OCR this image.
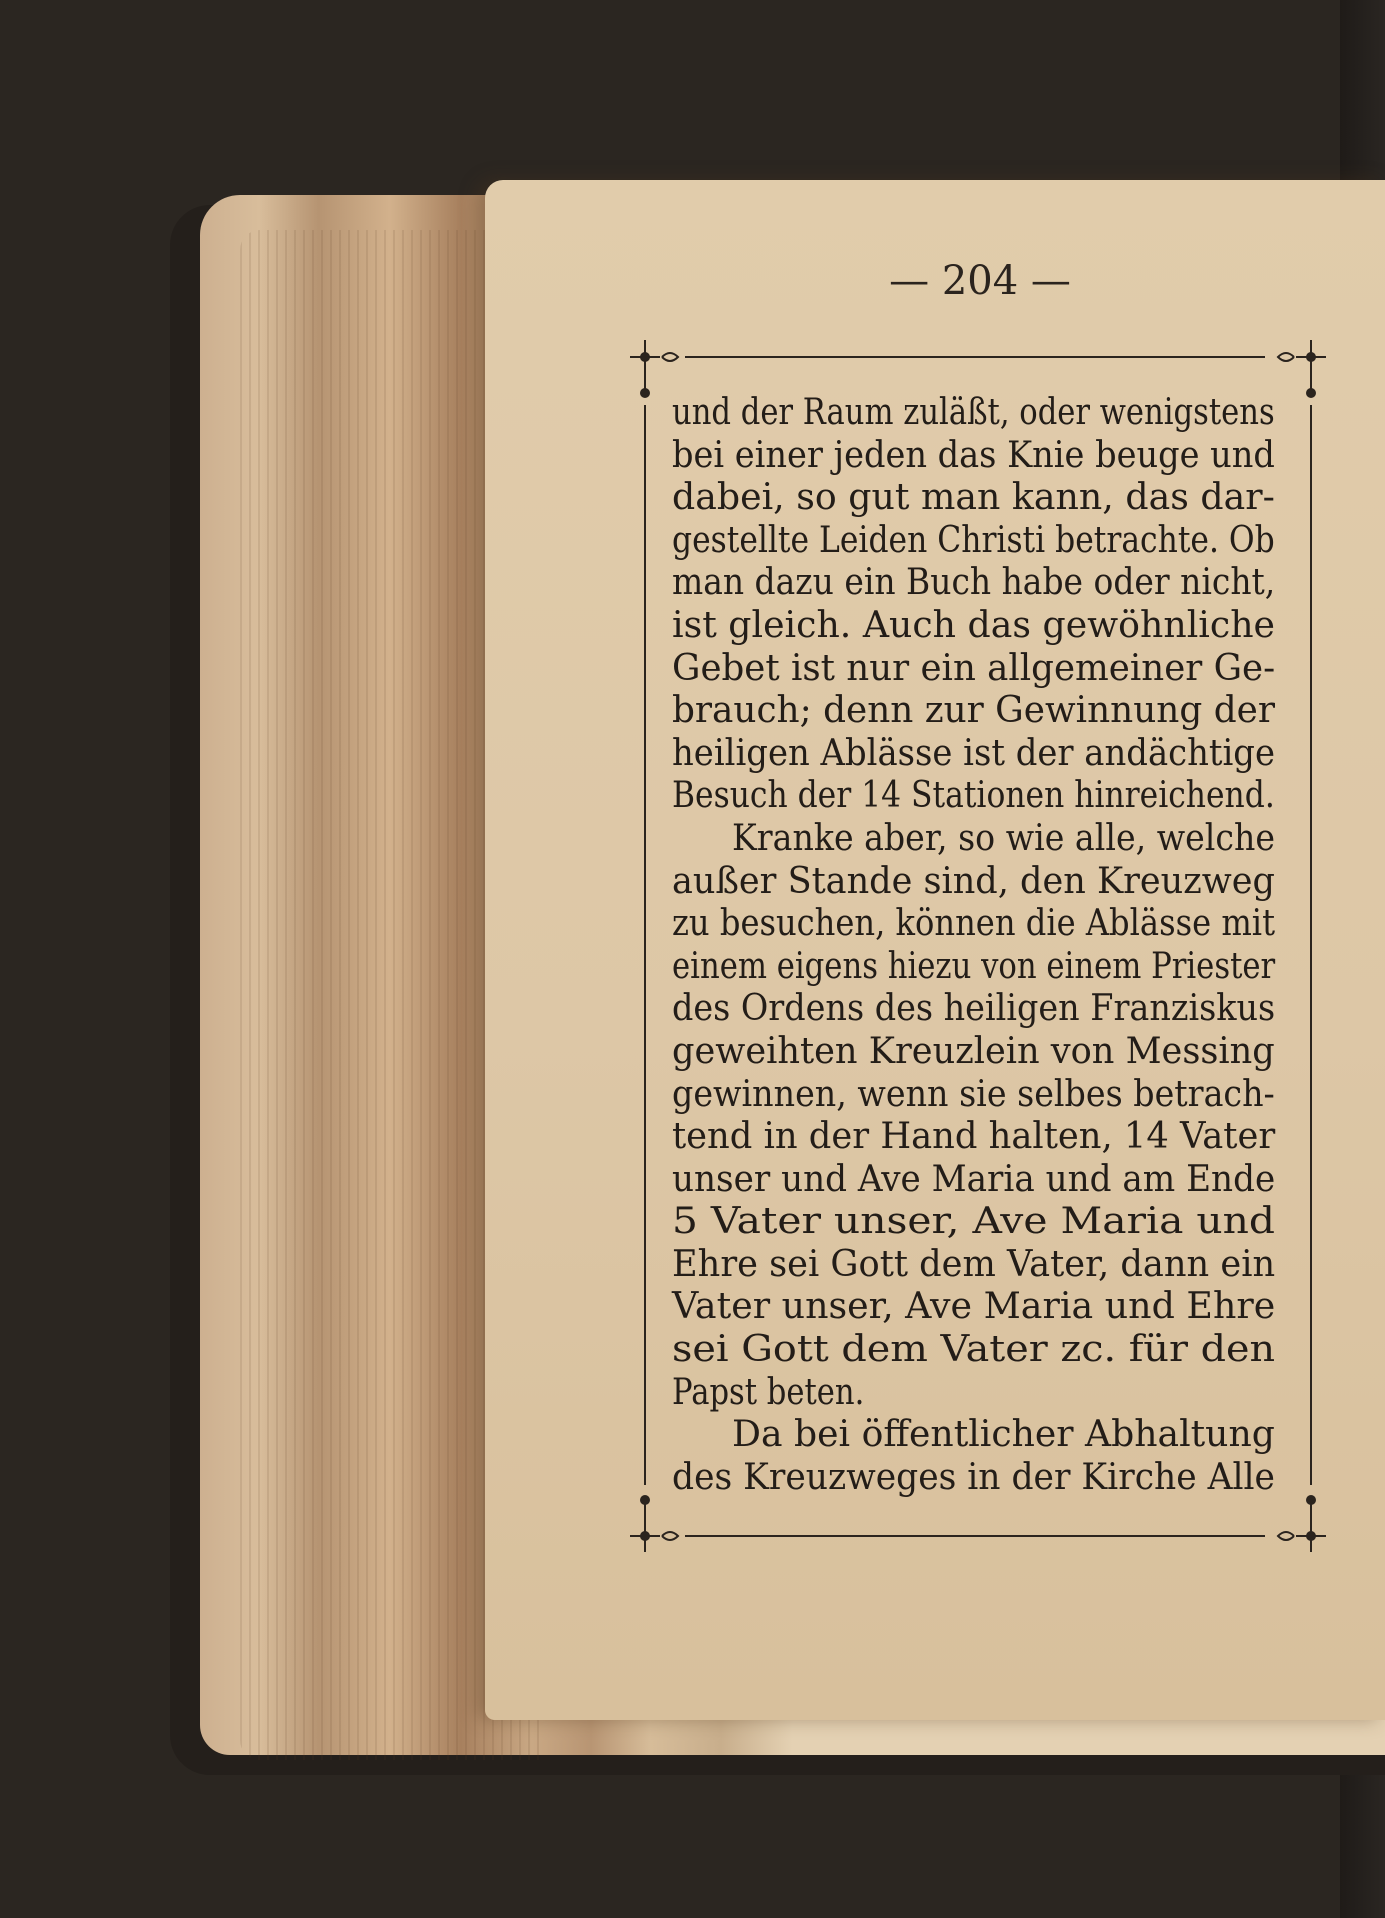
— 204 —
und der Raum zuläßt, oder wenigstens
bei einer jeden das Knie beuge und
dabei, so gut man kann, das dar-
gestellte Leiden Christi betrachte. Ob
man dazu ein Buch habe oder nicht,
ist gleich. Auch das gewöhnliche
Gebet ist nur ein allgemeiner Ge-
brauch; denn zur Gewinnung der
heiligen Ablässe ist der andächtige
Besuch der 14 Stationen hinreichend.
Kranke aber, so wie alle, welche
außer Stande sind, den Kreuzweg
zu besuchen, können die Ablässe mit
einem eigens hiezu von einem Priester
des Ordens des heiligen Franziskus
geweihten Kreuzlein von Messing
gewinnen, wenn sie selbes betrach-
tend in der Hand halten, 14 Vater
unser und Ave Maria und am Ende
5 Vater unser, Ave Maria und
Ehre sei Gott dem Vater, dann ein
Vater unser, Ave Maria und Ehre
sei Gott dem Vater zc. für den
Papst beten.
Da bei öffentlicher Abhaltung
des Kreuzweges in der Kirche Alle
